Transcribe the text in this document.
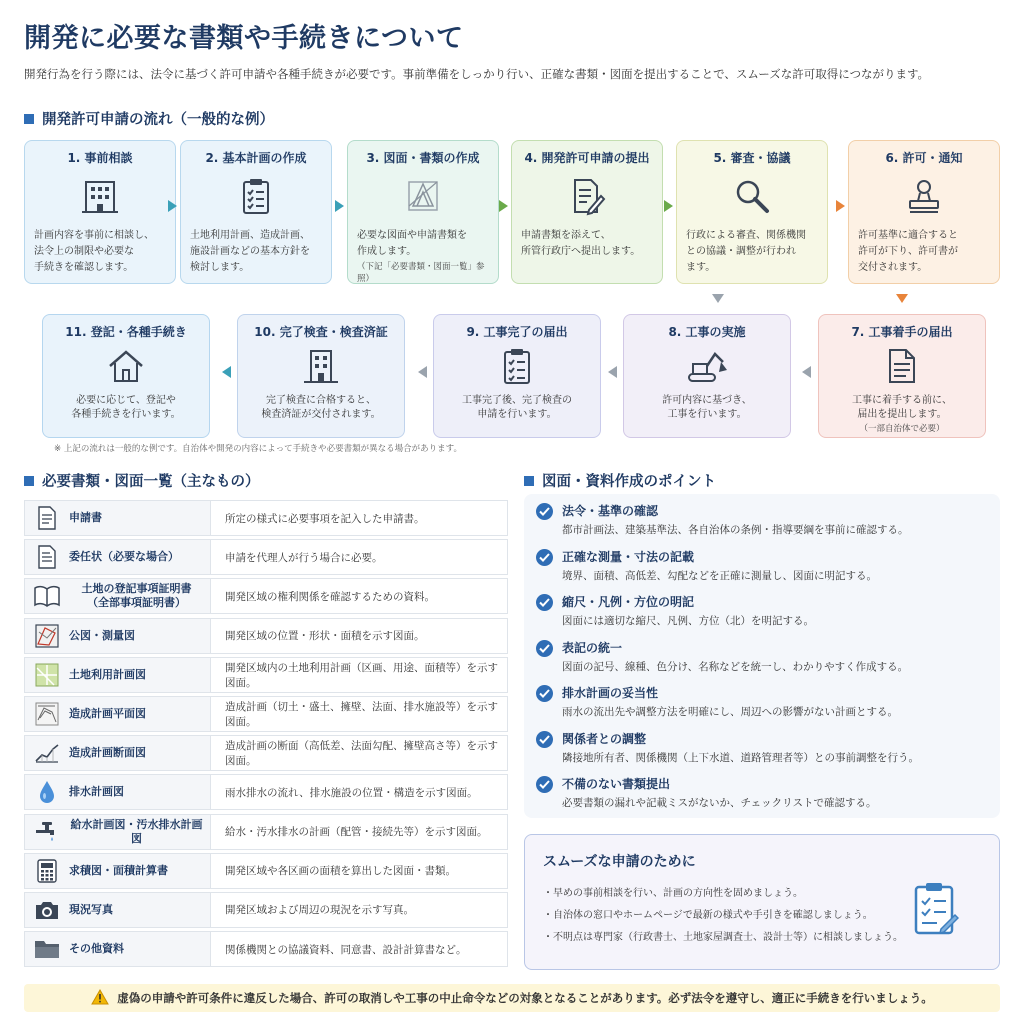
開発に必要な書類や手続きについて
開発行為を行う際には、法令に基づく許可申請や各種手続きが必要です。事前準備をしっかり行い、正確な書類・図面を提出することで、スムーズな許可取得につながります。
開発許可申請の流れ（一般的な例）
1. 事前相談
計画内容を事前に相談し、
法令上の制限や必要な
手続きを確認します。
2. 基本計画の作成
土地利用計画、造成計画、
施設計画などの基本方針を
検討します。
3. 図面・書類の作成
必要な図面や申請書類を
作成します。
（下記「必要書類・図面一覧」参照）
4. 開発許可申請の提出
申請書類を添えて、
所管行政庁へ提出します。
5. 審査・協議
行政による審査、関係機関
との協議・調整が行われ
ます。
6. 許可・通知
許可基準に適合すると
許可が下り、許可書が
交付されます。
7. 工事着手の届出
工事に着手する前に、
届出を提出します。
（一部自治体で必要）
8. 工事の実施
許可内容に基づき、
工事を行います。
9. 工事完了の届出
工事完了後、完了検査の
申請を行います。
10. 完了検査・検査済証
完了検査に合格すると、
検査済証が交付されます。
11. 登記・各種手続き
必要に応じて、登記や
各種手続きを行います。
※ 上記の流れは一般的な例です。自治体や開発の内容によって手続きや必要書類が異なる場合があります。
必要書類・図面一覧（主なもの）
申請書	所定の様式に必要事項を記入した申請書。
委任状（必要な場合）	申請を代理人が行う場合に必要。
土地の登記事項証明書
（全部事項証明書）	開発区域の権利関係を確認するための資料。
公図・測量図	開発区域の位置・形状・面積を示す図面。
土地利用計画図	開発区域内の土地利用計画（区画、用途、面積等）を示す図面。
造成計画平面図	造成計画（切土・盛土、擁壁、法面、排水施設等）を示す図面。
造成計画断面図	造成計画の断面（高低差、法面勾配、擁壁高さ等）を示す図面。
排水計画図	雨水排水の流れ、排水施設の位置・構造を示す図面。
給水計画図・汚水排水計画図	給水・汚水排水の計画（配管・接続先等）を示す図面。
求積図・面積計算書	開発区域や各区画の面積を算出した図面・書類。
現況写真	開発区域および周辺の現況を示す写真。
その他資料	関係機関との協議資料、同意書、設計計算書など。
図面・資料作成のポイント
法令・基準の確認
都市計画法、建築基準法、各自治体の条例・指導要綱を事前に確認する。
正確な測量・寸法の記載
境界、面積、高低差、勾配などを正確に測量し、図面に明記する。
縮尺・凡例・方位の明記
図面には適切な縮尺、凡例、方位（北）を明記する。
表記の統一
図面の記号、線種、色分け、名称などを統一し、わかりやすく作成する。
排水計画の妥当性
雨水の流出先や調整方法を明確にし、周辺への影響がない計画とする。
関係者との調整
隣接地所有者、関係機関（上下水道、道路管理者等）との事前調整を行う。
不備のない書類提出
必要書類の漏れや記載ミスがないか、チェックリストで確認する。
スムーズな申請のために
・早めの事前相談を行い、計画の方向性を固めましょう。
・自治体の窓口やホームページで最新の様式や手引きを確認しましょう。
・不明点は専門家（行政書士、土地家屋調査士、設計士等）に相談しましょう。
虚偽の申請や許可条件に違反した場合、許可の取消しや工事の中止命令などの対象となることがあります。必ず法令を遵守し、適正に手続きを行いましょう。
